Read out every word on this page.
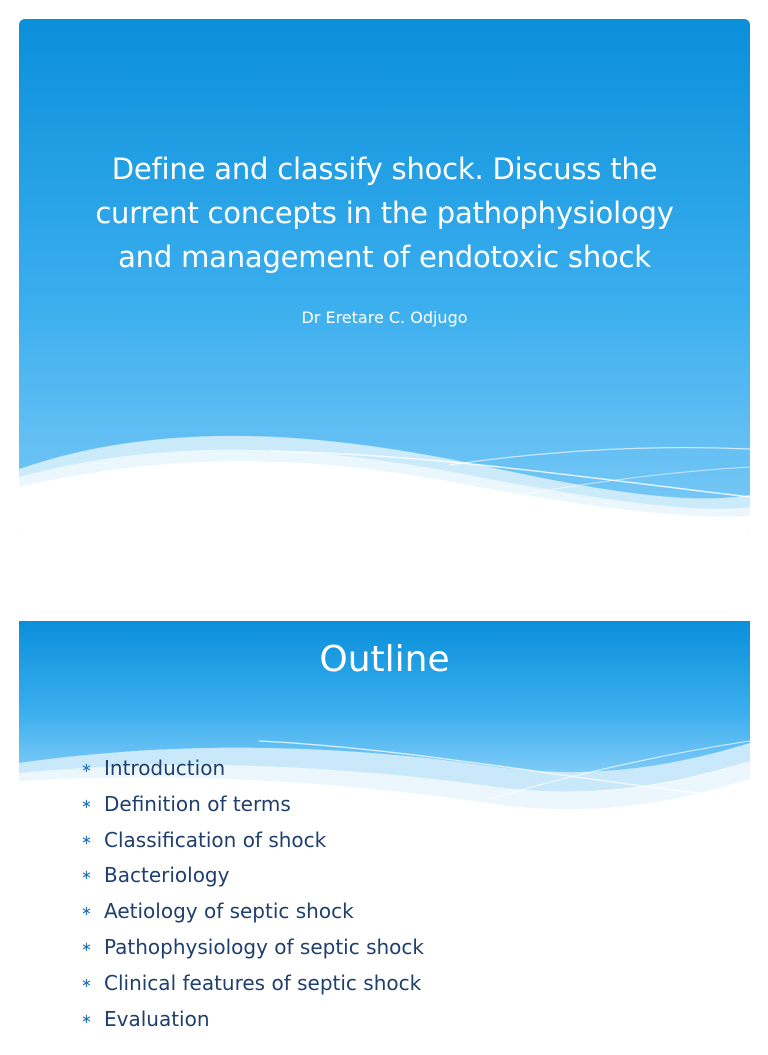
Define and classify shock. Discuss the
current concepts in the pathophysiology
and management of endotoxic shock
Dr Eretare C. Odjugo
Outline
∗ Introduction
∗ Definition of terms
∗ Classification of shock
∗ Bacteriology
∗ Aetiology of septic shock
∗ Pathophysiology of septic shock
∗ Clinical features of septic shock
∗ Evaluation
